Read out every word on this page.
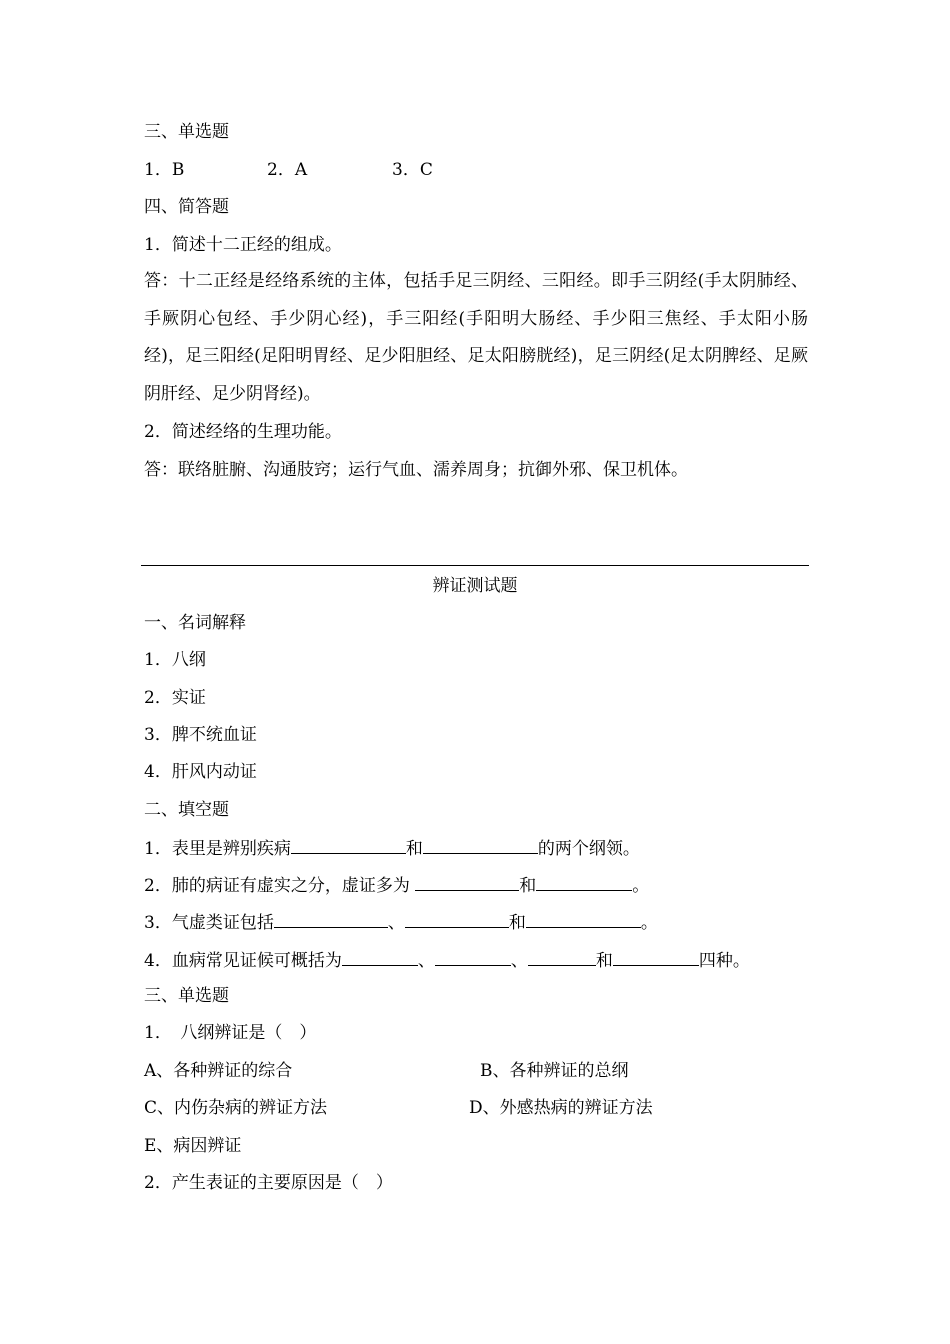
三、单选题
1．B	2．A	3．C
四、简答题
1．简述十二正经的组成。
答：十二正经是经络系统的主体，包括手足三阴经、三阳经。即手三阴经(手太阴肺经、手厥阴心包经、手少阴心经)，手三阳经(手阳明大肠经、手少阳三焦经、手太阳小肠经)，足三阳经(足阳明胃经、足少阳胆经、足太阳膀胱经)，足三阴经(足太阴脾经、足厥阴肝经、足少阴肾经)。
2．简述经络的生理功能。
答：联络脏腑、沟通肢窍；运行气血、濡养周身；抗御外邪、保卫机体。
辨证测试题
一、名词解释
1．八纲
2．实证
3．脾不统血证
4．肝风内动证
二、填空题
1．表里是辨别疾病	和	的两个纲领。
2．肺的病证有虚实之分，虚证多为	和	。
3．气虚类证包括	、	和	。
4．血病常见证候可概括为	、	、	和	四种。
三、单选题
1．　八纲辨证是（　）
A、各种辨证的综合	B、各种辨证的总纲
C、内伤杂病的辨证方法	D、外感热病的辨证方法
E、病因辨证
2．产生表证的主要原因是（　）
